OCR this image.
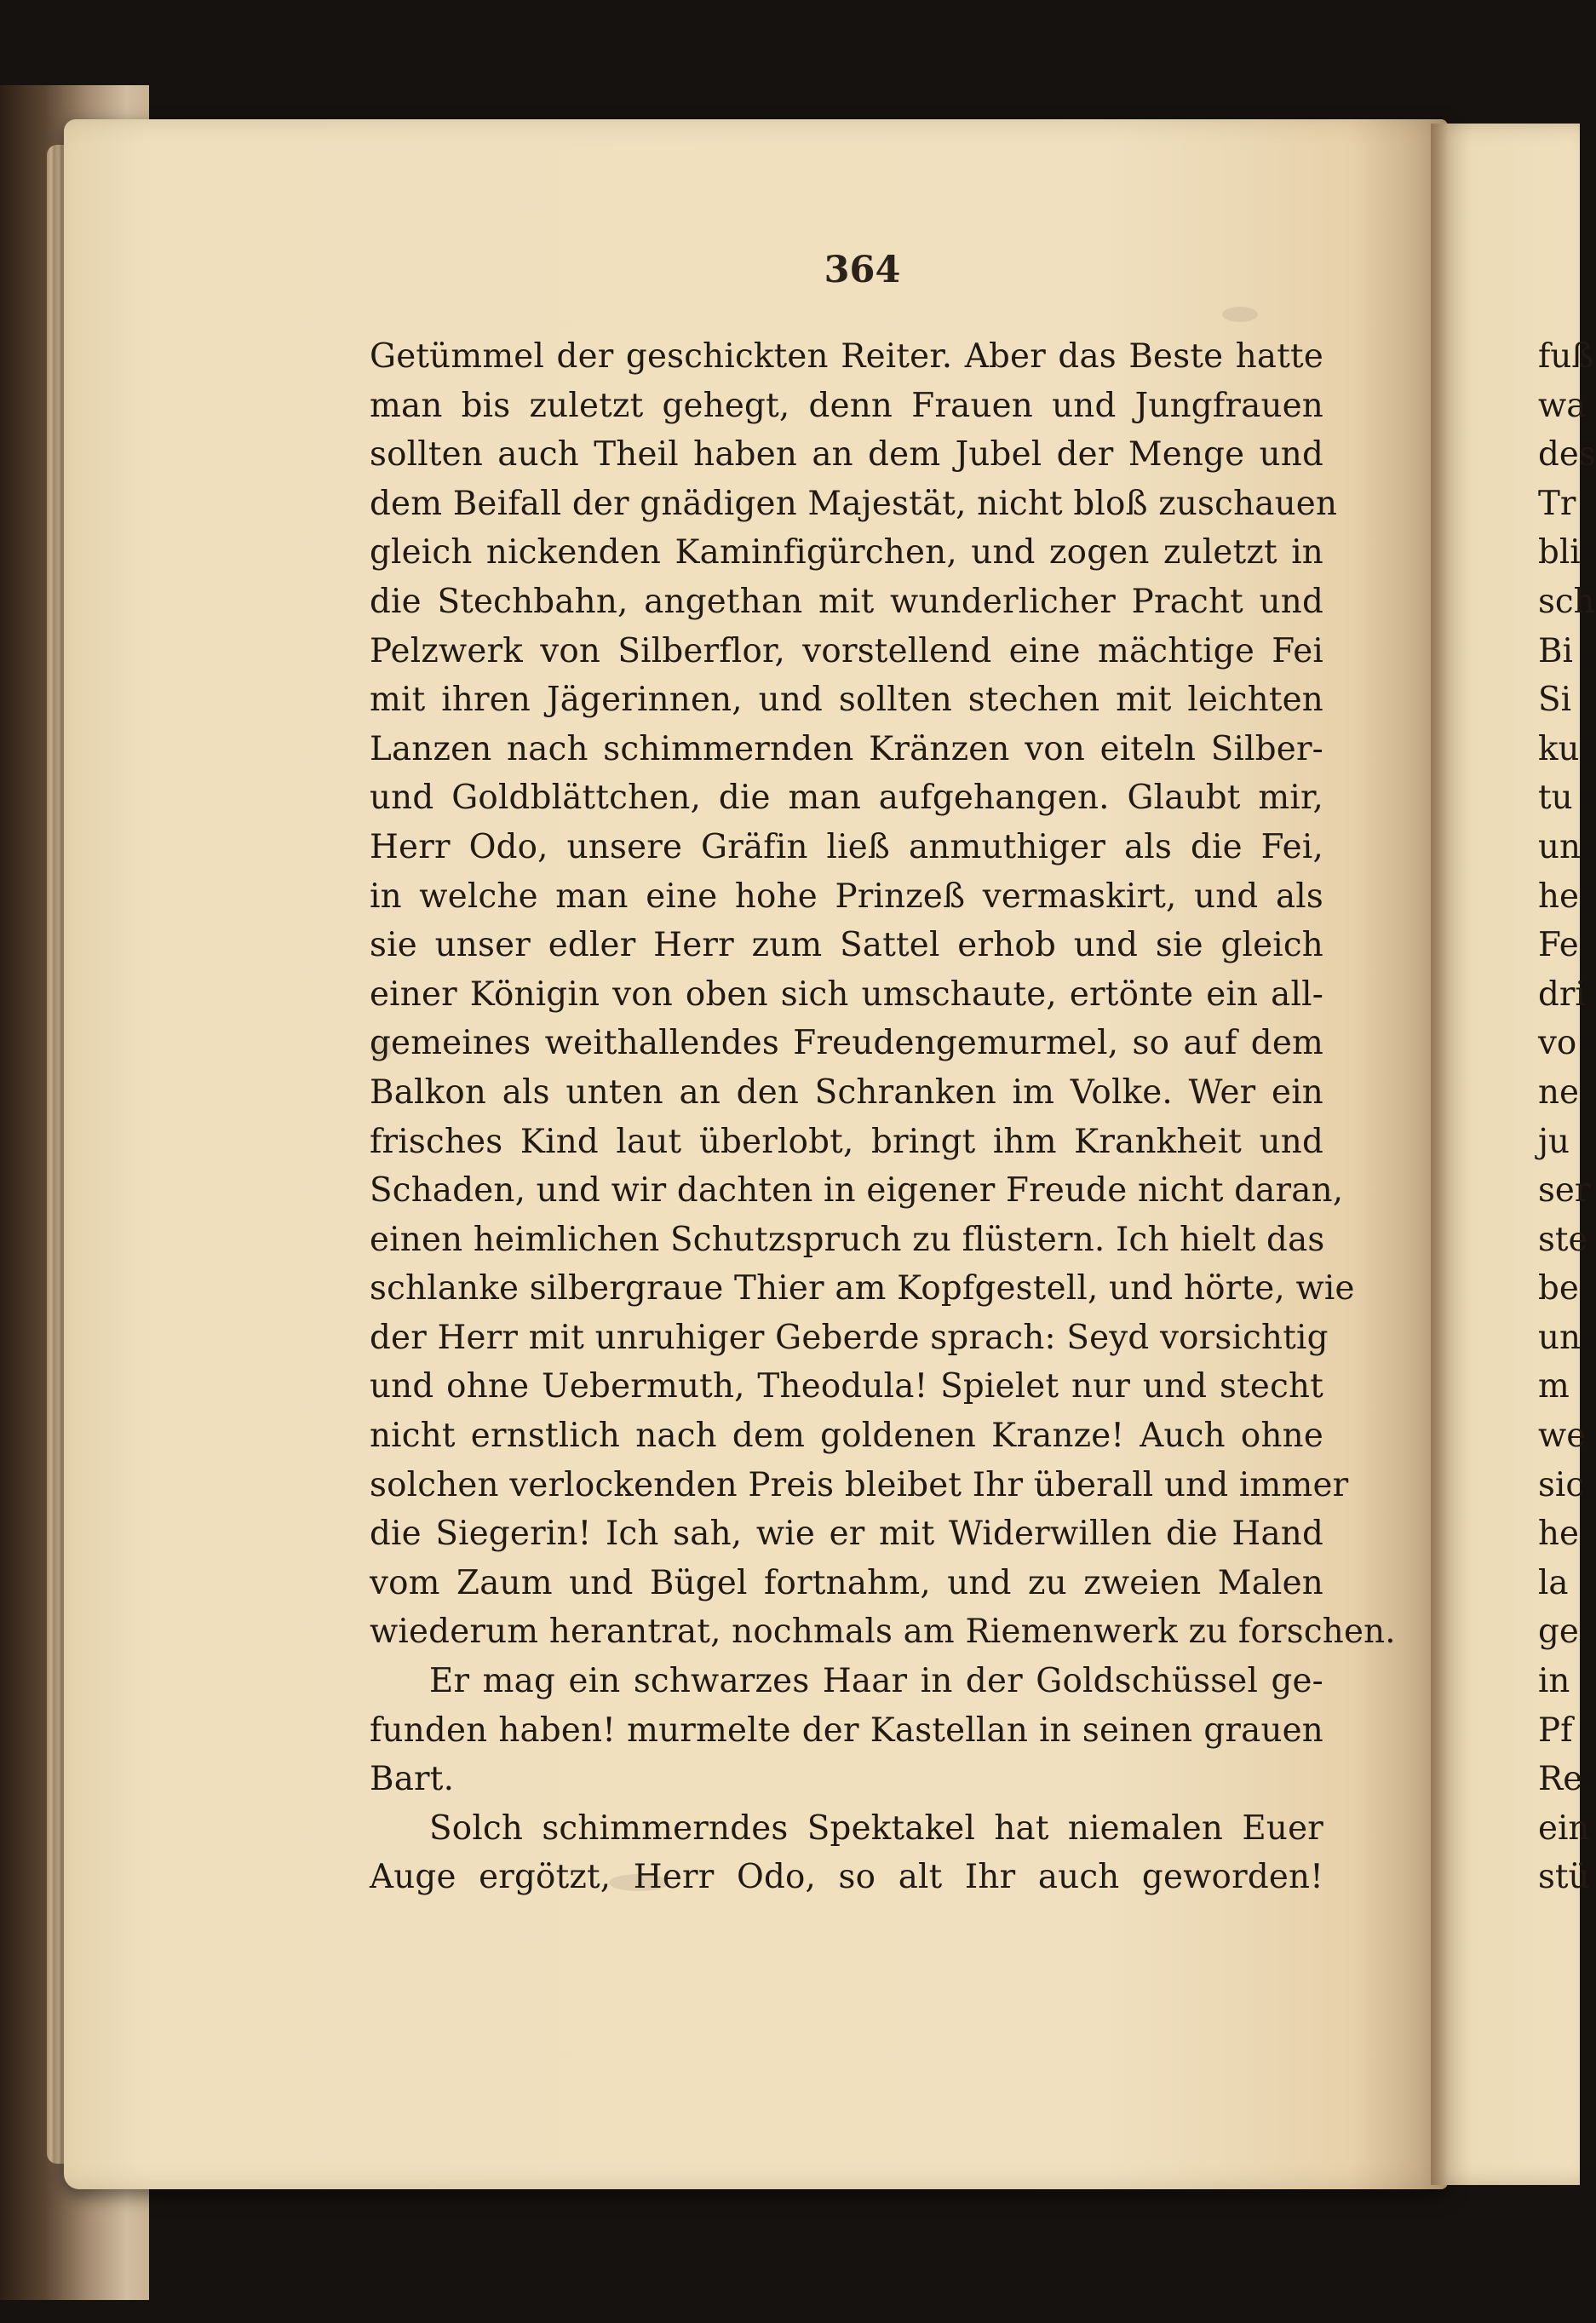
364
Getümmel der geschickten Reiter. Aber das Beste hatte
man bis zuletzt gehegt, denn Frauen und Jungfrauen
sollten auch Theil haben an dem Jubel der Menge und
dem Beifall der gnädigen Majestät, nicht bloß zuschauen
gleich nickenden Kaminfigürchen, und zogen zuletzt in
die Stechbahn, angethan mit wunderlicher Pracht und
Pelzwerk von Silberflor, vorstellend eine mächtige Fei
mit ihren Jägerinnen, und sollten stechen mit leichten
Lanzen nach schimmernden Kränzen von eiteln Silber-
und Goldblättchen, die man aufgehangen. Glaubt mir,
Herr Odo, unsere Gräfin ließ anmuthiger als die Fei,
in welche man eine hohe Prinzeß vermaskirt, und als
sie unser edler Herr zum Sattel erhob und sie gleich
einer Königin von oben sich umschaute, ertönte ein all-
gemeines weithallendes Freudengemurmel, so auf dem
Balkon als unten an den Schranken im Volke. Wer ein
frisches Kind laut überlobt, bringt ihm Krankheit und
Schaden, und wir dachten in eigener Freude nicht daran,
einen heimlichen Schutzspruch zu flüstern. Ich hielt das
schlanke silbergraue Thier am Kopfgestell, und hörte, wie
der Herr mit unruhiger Geberde sprach: Seyd vorsichtig
und ohne Uebermuth, Theodula! Spielet nur und stecht
nicht ernstlich nach dem goldenen Kranze! Auch ohne
solchen verlockenden Preis bleibet Ihr überall und immer
die Siegerin! Ich sah, wie er mit Widerwillen die Hand
vom Zaum und Bügel fortnahm, und zu zweien Malen
wiederum herantrat, nochmals am Riemenwerk zu forschen.
Er mag ein schwarzes Haar in der Goldschüssel ge-
funden haben! murmelte der Kastellan in seinen grauen
Bart.
Solch schimmerndes Spektakel hat niemalen Euer
Auge ergötzt, Herr Odo, so alt Ihr auch geworden!
fuß
wa
des
Tr
bli
sch
Bi
Si
ku
tu
un
he
Fe
dri
vo
ne
ju
ser
ste
be
un
m
we
sic
he
la
ge
in
Pf
Re
ein
stü
